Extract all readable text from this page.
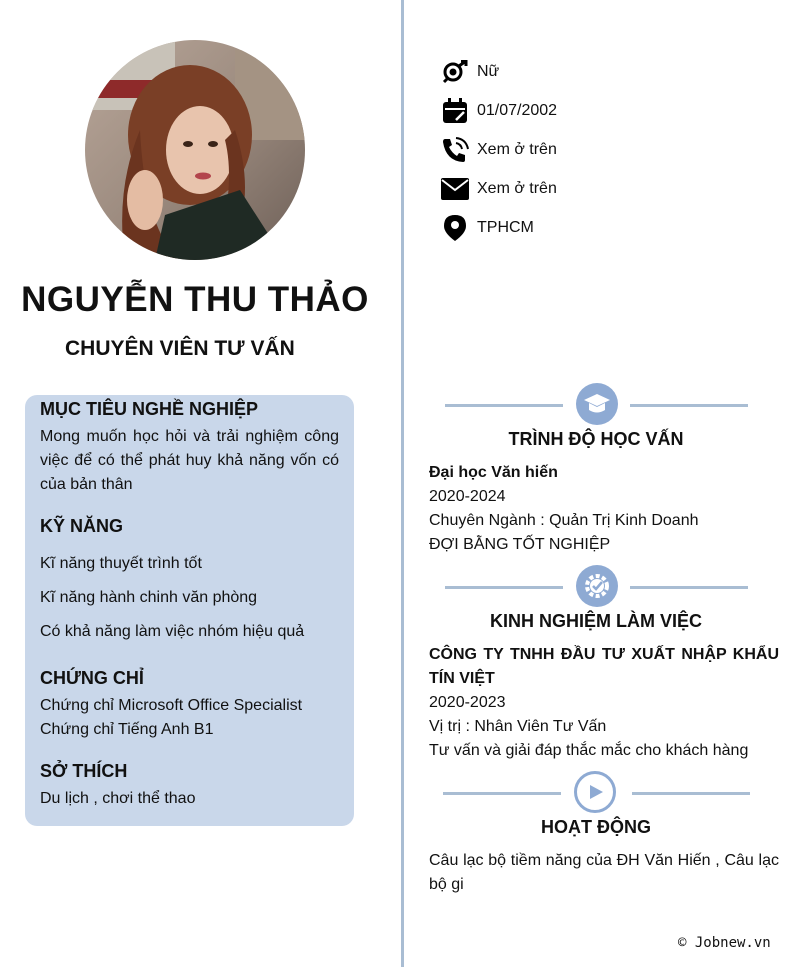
NGUYỄN THU THẢO
CHUYÊN VIÊN TƯ VẤN
MỤC TIÊU NGHỀ NGHIỆP
Mong muốn học hỏi và trải nghiệm công việc để có thể phát huy khả năng vốn có của bản thân
KỸ NĂNG
Kĩ năng thuyết trình tốt
Kĩ năng hành chinh văn phòng
Có khả năng làm việc nhóm hiệu quả
CHỨNG CHỈ
Chứng chỉ Microsoft Office Specialist
Chứng chỉ Tiếng Anh B1
SỞ THÍCH
Du lịch , chơi thể thao
Nữ
01/07/2002
Xem ở trên
Xem ở trên
TPHCM
TRÌNH ĐỘ HỌC VẤN
Đại học Văn hiến
2020-2024
Chuyên Ngành : Quản Trị Kinh Doanh
ĐỢI BẰNG TỐT NGHIỆP
KINH NGHIỆM LÀM VIỆC
CÔNG TY TNHH ĐẦU TƯ XUẤT NHẬP KHẨU TÍN VIỆT
2020-2023
Vị trị : Nhân Viên Tư Vấn
Tư vấn và giải đáp thắc mắc cho khách hàng
HOẠT ĐỘNG
Câu lạc bộ tiềm năng của ĐH Văn Hiến , Câu lạc bộ gi
© Jobnew.vn
